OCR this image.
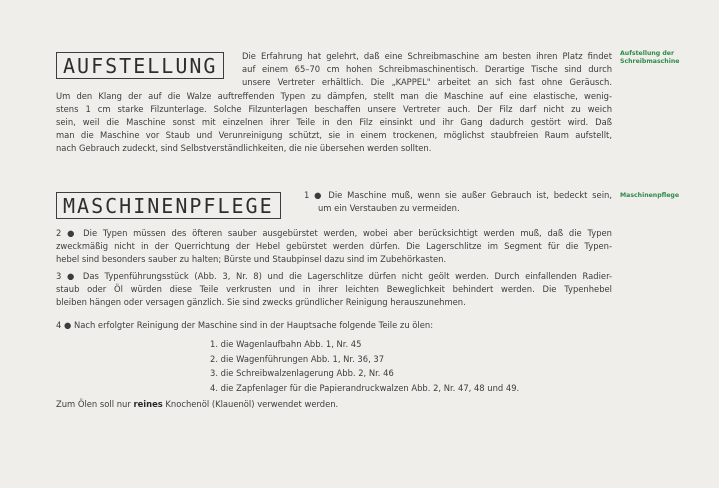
AUFSTELLUNG
Aufstellung der
Schreibmaschine

Die Erfahrung hat gelehrt, daß eine Schreibmaschine am besten ihren Platz findet
auf einem 65–70 cm hohen Schreibmaschinentisch. Derartige Tische sind durch
unsere Vertreter erhältlich. Die „KAPPEL" arbeitet an sich fast ohne Geräusch.

Um den Klang der auf die Walze auftreffenden Typen zu dämpfen, stellt man die Maschine auf eine elastische, wenig-
stens 1 cm starke Filzunterlage. Solche Filzunterlagen beschaffen unsere Vertreter auch. Der Filz darf nicht zu weich
sein, weil die Maschine sonst mit einzelnen ihrer Teile in den Filz einsinkt und ihr Gang dadurch gestört wird. Daß
man die Maschine vor Staub und Verunreinigung schützt, sie in einem trockenen, möglichst staubfreien Raum aufstellt,
nach Gebrauch zudeckt, sind Selbstverständlichkeiten, die nie übersehen werden sollten.

MASCHINENPFLEGE	Maschinenpflege

1 ● Die Maschine muß, wenn sie außer Gebrauch ist, bedeckt sein,
um ein Verstauben zu vermeiden.

2 ● Die Typen müssen des öfteren sauber ausgebürstet werden, wobei aber berücksichtigt werden muß, daß die Typen
zweckmäßig nicht in der Querrichtung der Hebel gebürstet werden dürfen. Die Lagerschlitze im Segment für die Typen-
hebel sind besonders sauber zu halten; Bürste und Staubpinsel dazu sind im Zubehörkasten.

3 ● Das Typenführungsstück (Abb. 3, Nr. 8) und die Lagerschlitze dürfen nicht geölt werden. Durch einfallenden Radier-
staub oder Öl würden diese Teile verkrusten und in ihrer leichten Beweglichkeit behindert werden. Die Typenhebel
bleiben hängen oder versagen gänzlich. Sie sind zwecks gründlicher Reinigung herauszunehmen.

4 ● Nach erfolgter Reinigung der Maschine sind in der Hauptsache folgende Teile zu ölen:

1. die Wagenlaufbahn Abb. 1, Nr. 45
2. die Wagenführungen Abb. 1, Nr. 36, 37
3. die Schreibwalzenlagerung Abb. 2, Nr. 46
4. die Zapfenlager für die Papierandruckwalzen Abb. 2, Nr. 47, 48 und 49.

Zum Ölen soll nur reines Knochenöl (Klauenöl) verwendet werden.
